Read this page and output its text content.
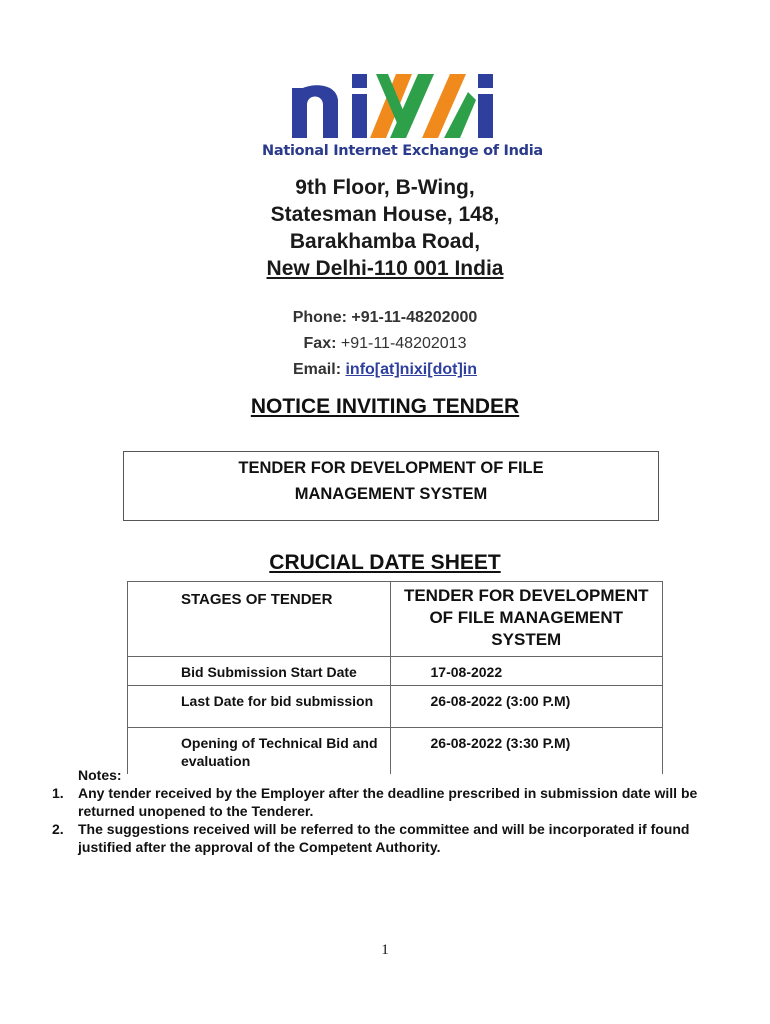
National Internet Exchange of India
9th Floor, B-Wing,
Statesman House, 148,
Barakhamba Road,
New Delhi-110 001 India
Phone: +91-11-48202000
Fax: +91-11-48202013
Email: info[at]nixi[dot]in
NOTICE INVITING TENDER
TENDER FOR DEVELOPMENT OF FILE
MANAGEMENT SYSTEM
CRUCIAL DATE SHEET
STAGES OF TENDER	TENDER FOR DEVELOPMENT OF FILE MANAGEMENT SYSTEM
Bid Submission Start Date	17-08-2022
Last Date for bid submission	26-08-2022 (3:00 P.M)
Opening of Technical Bid and evaluation	26-08-2022 (3:30 P.M)
Notes:
1. Any tender received by the Employer after the deadline prescribed in submission date will be returned unopened to the Tenderer.
2. The suggestions received will be referred to the committee and will be incorporated if found justified after the approval of the Competent Authority.
1
